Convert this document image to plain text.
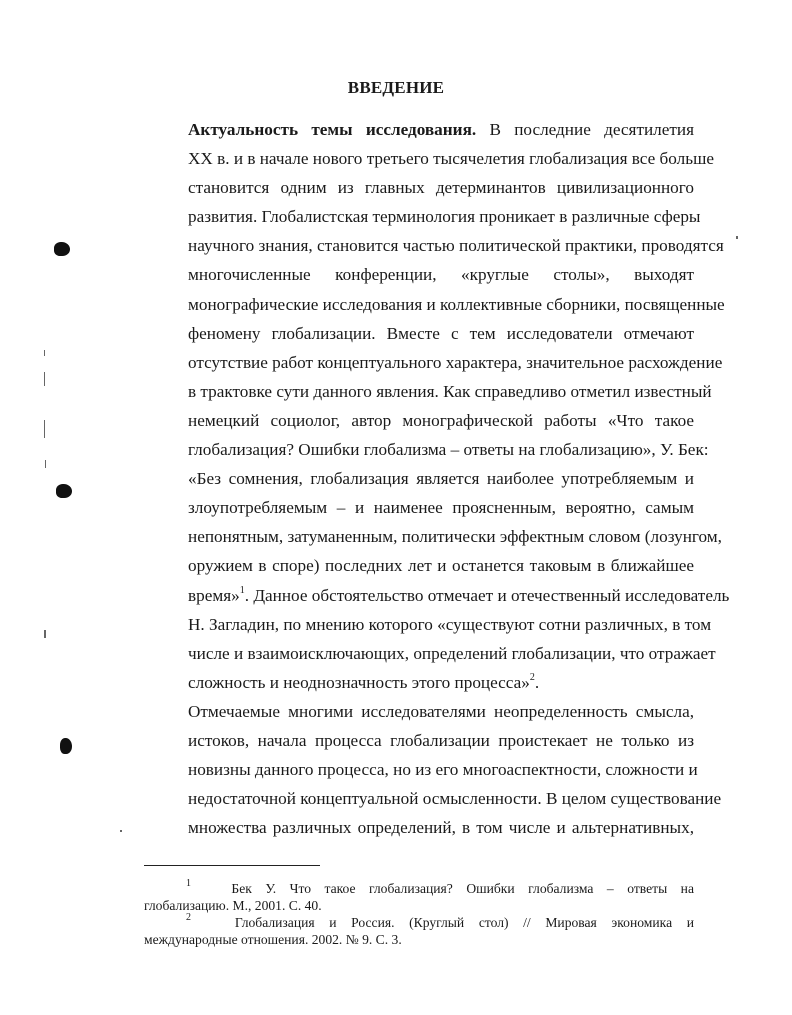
ВВЕДЕНИЕ

Актуальность темы исследования. В последние десятилетия
XX в. и в начале нового третьего тысячелетия глобализация все больше
становится одним из главных детерминантов цивилизационного
развития. Глобалистская терминология проникает в различные сферы
научного знания, становится частью политической практики, проводятся
многочисленные конференции, «круглые столы», выходят
монографические исследования и коллективные сборники, посвященные
феномену глобализации. Вместе с тем исследователи отмечают
отсутствие работ концептуального характера, значительное расхождение
в трактовке сути данного явления. Как справедливо отметил известный
немецкий социолог, автор монографической работы «Что такое
глобализация? Ошибки глобализма – ответы на глобализацию», У. Бек:
«Без сомнения, глобализация является наиболее употребляемым и
злоупотребляемым – и наименее проясненным, вероятно, самым
непонятным, затуманенным, политически эффектным словом (лозунгом,
оружием в споре) последних лет и останется таковым в ближайшее
время»$^1$. Данное обстоятельство отмечает и отечественный исследователь
Н. Загладин, по мнению которого «существуют сотни различных, в том
числе и взаимоисключающих, определений глобализации, что отражает
сложность и неоднозначность этого процесса»$^2$.

Отмечаемые многими исследователями неопределенность смысла,
истоков, начала процесса глобализации проистекает не только из
новизны данного процесса, но из его многоаспектности, сложности и
недостаточной концептуальной осмысленности. В целом существование
множества различных определений, в том числе и альтернативных,

$^1$	Бек У. Что такое глобализация? Ошибки глобализма – ответы на
глобализацию. М., 2001. С. 40.
$^2$	Глобализация и Россия. (Круглый стол) // Мировая экономика и
международные отношения. 2002. № 9. С. 3.
